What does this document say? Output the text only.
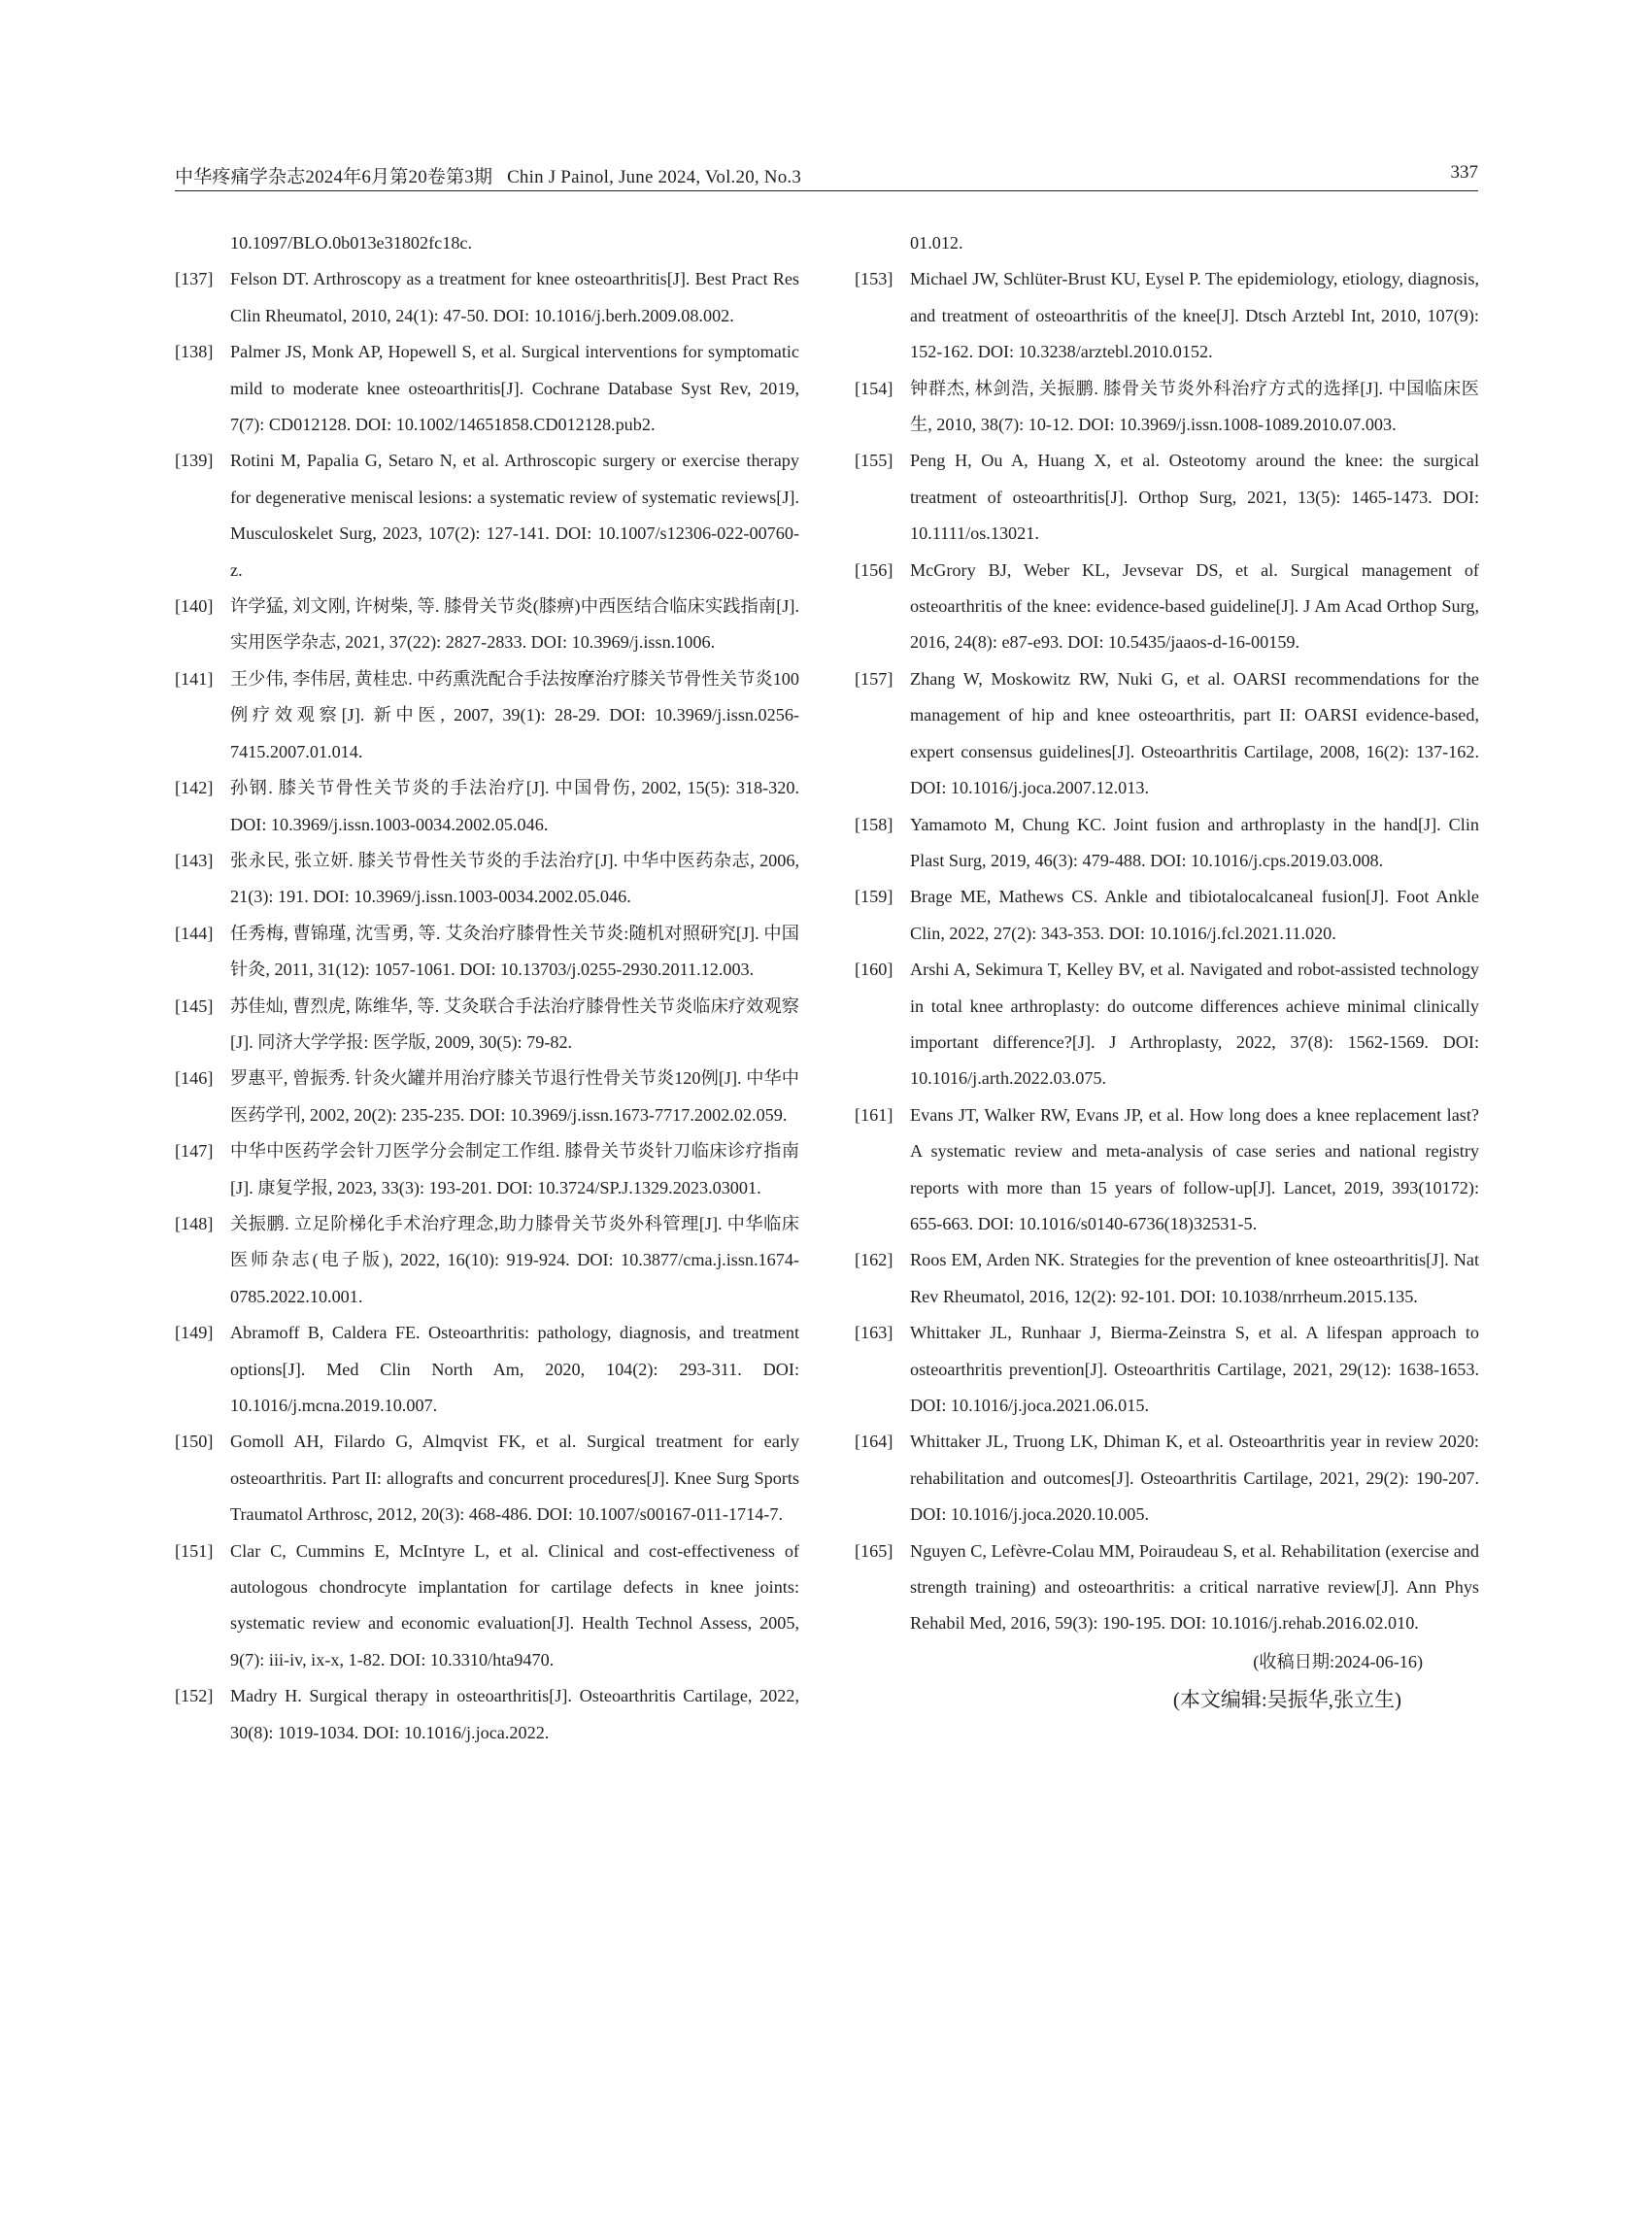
中华疼痛学杂志2024年6月第20卷第3期 Chin J Painol, June 2024, Vol.20, No.3	337
10.1097/BLO.0b013e31802fc18c.
[137] Felson DT. Arthroscopy as a treatment for knee osteoarthritis[J]. Best Pract Res Clin Rheumatol, 2010, 24(1): 47-50. DOI: 10.1016/j.berh.2009.08.002.
[138] Palmer JS, Monk AP, Hopewell S, et al. Surgical interventions for symptomatic mild to moderate knee osteoarthritis[J]. Cochrane Database Syst Rev, 2019, 7(7): CD012128. DOI: 10.1002/14651858.CD012128.pub2.
[139] Rotini M, Papalia G, Setaro N, et al. Arthroscopic surgery or exercise therapy for degenerative meniscal lesions: a systematic review of systematic reviews[J]. Musculoskelet Surg, 2023, 107(2): 127-141. DOI: 10.1007/s12306-022-00760-z.
[140] 许学猛, 刘文刚, 许树柴, 等. 膝骨关节炎(膝痹)中西医结合临床实践指南[J]. 实用医学杂志, 2021, 37(22): 2827-2833. DOI: 10.3969/j.issn.1006.
[141] 王少伟, 李伟居, 黄桂忠. 中药熏洗配合手法按摩治疗膝关节骨性关节炎100例疗效观察[J]. 新中医, 2007, 39(1): 28-29. DOI: 10.3969/j.issn.0256-7415.2007.01.014.
[142] 孙钢. 膝关节骨性关节炎的手法治疗[J]. 中国骨伤, 2002, 15(5): 318-320. DOI: 10.3969/j.issn.1003-0034.2002.05.046.
[143] 张永民, 张立妍. 膝关节骨性关节炎的手法治疗[J]. 中华中医药杂志, 2006, 21(3): 191. DOI: 10.3969/j.issn.1003-0034.2002.05.046.
[144] 任秀梅, 曹锦瑾, 沈雪勇, 等. 艾灸治疗膝骨性关节炎:随机对照研究[J]. 中国针灸, 2011, 31(12): 1057-1061. DOI: 10.13703/j.0255-2930.2011.12.003.
[145] 苏佳灿, 曹烈虎, 陈维华, 等. 艾灸联合手法治疗膝骨性关节炎临床疗效观察[J]. 同济大学学报: 医学版, 2009, 30(5): 79-82.
[146] 罗惠平, 曾振秀. 针灸火罐并用治疗膝关节退行性骨关节炎120例[J]. 中华中医药学刊, 2002, 20(2): 235-235. DOI: 10.3969/j.issn.1673-7717.2002.02.059.
[147] 中华中医药学会针刀医学分会制定工作组. 膝骨关节炎针刀临床诊疗指南[J]. 康复学报, 2023, 33(3): 193-201. DOI: 10.3724/SP.J.1329.2023.03001.
[148] 关振鹏. 立足阶梯化手术治疗理念,助力膝骨关节炎外科管理[J]. 中华临床医师杂志(电子版), 2022, 16(10): 919-924. DOI: 10.3877/cma.j.issn.1674-0785.2022.10.001.
[149] Abramoff B, Caldera FE. Osteoarthritis: pathology, diagnosis, and treatment options[J]. Med Clin North Am, 2020, 104(2): 293-311. DOI: 10.1016/j.mcna.2019.10.007.
[150] Gomoll AH, Filardo G, Almqvist FK, et al. Surgical treatment for early osteoarthritis. Part II: allografts and concurrent procedures[J]. Knee Surg Sports Traumatol Arthrosc, 2012, 20(3): 468-486. DOI: 10.1007/s00167-011-1714-7.
[151] Clar C, Cummins E, McIntyre L, et al. Clinical and cost-effectiveness of autologous chondrocyte implantation for cartilage defects in knee joints: systematic review and economic evaluation[J]. Health Technol Assess, 2005, 9(7): iii-iv, ix-x, 1-82. DOI: 10.3310/hta9470.
[152] Madry H. Surgical therapy in osteoarthritis[J]. Osteoarthritis Cartilage, 2022, 30(8): 1019-1034. DOI: 10.1016/j.joca.2022.
01.012.
[153] Michael JW, Schlüter-Brust KU, Eysel P. The epidemiology, etiology, diagnosis, and treatment of osteoarthritis of the knee[J]. Dtsch Arztebl Int, 2010, 107(9): 152-162. DOI: 10.3238/arztebl.2010.0152.
[154] 钟群杰, 林剑浩, 关振鹏. 膝骨关节炎外科治疗方式的选择[J]. 中国临床医生, 2010, 38(7): 10-12. DOI: 10.3969/j.issn.1008-1089.2010.07.003.
[155] Peng H, Ou A, Huang X, et al. Osteotomy around the knee: the surgical treatment of osteoarthritis[J]. Orthop Surg, 2021, 13(5): 1465-1473. DOI: 10.1111/os.13021.
[156] McGrory BJ, Weber KL, Jevsevar DS, et al. Surgical management of osteoarthritis of the knee: evidence-based guideline[J]. J Am Acad Orthop Surg, 2016, 24(8): e87-e93. DOI: 10.5435/jaaos-d-16-00159.
[157] Zhang W, Moskowitz RW, Nuki G, et al. OARSI recommendations for the management of hip and knee osteoarthritis, part II: OARSI evidence-based, expert consensus guidelines[J]. Osteoarthritis Cartilage, 2008, 16(2): 137-162. DOI: 10.1016/j.joca.2007.12.013.
[158] Yamamoto M, Chung KC. Joint fusion and arthroplasty in the hand[J]. Clin Plast Surg, 2019, 46(3): 479-488. DOI: 10.1016/j.cps.2019.03.008.
[159] Brage ME, Mathews CS. Ankle and tibiotalocalcaneal fusion[J]. Foot Ankle Clin, 2022, 27(2): 343-353. DOI: 10.1016/j.fcl.2021.11.020.
[160] Arshi A, Sekimura T, Kelley BV, et al. Navigated and robot-assisted technology in total knee arthroplasty: do outcome differences achieve minimal clinically important difference?[J]. J Arthroplasty, 2022, 37(8): 1562-1569. DOI: 10.1016/j.arth.2022.03.075.
[161] Evans JT, Walker RW, Evans JP, et al. How long does a knee replacement last? A systematic review and meta-analysis of case series and national registry reports with more than 15 years of follow-up[J]. Lancet, 2019, 393(10172): 655-663. DOI: 10.1016/s0140-6736(18)32531-5.
[162] Roos EM, Arden NK. Strategies for the prevention of knee osteoarthritis[J]. Nat Rev Rheumatol, 2016, 12(2): 92-101. DOI: 10.1038/nrrheum.2015.135.
[163] Whittaker JL, Runhaar J, Bierma-Zeinstra S, et al. A lifespan approach to osteoarthritis prevention[J]. Osteoarthritis Cartilage, 2021, 29(12): 1638-1653. DOI: 10.1016/j.joca.2021.06.015.
[164] Whittaker JL, Truong LK, Dhiman K, et al. Osteoarthritis year in review 2020: rehabilitation and outcomes[J]. Osteoarthritis Cartilage, 2021, 29(2): 190-207. DOI: 10.1016/j.joca.2020.10.005.
[165] Nguyen C, Lefèvre-Colau MM, Poiraudeau S, et al. Rehabilitation (exercise and strength training) and osteoarthritis: a critical narrative review[J]. Ann Phys Rehabil Med, 2016, 59(3): 190-195. DOI: 10.1016/j.rehab.2016.02.010.
(收稿日期:2024-06-16)
(本文编辑:吴振华,张立生)
